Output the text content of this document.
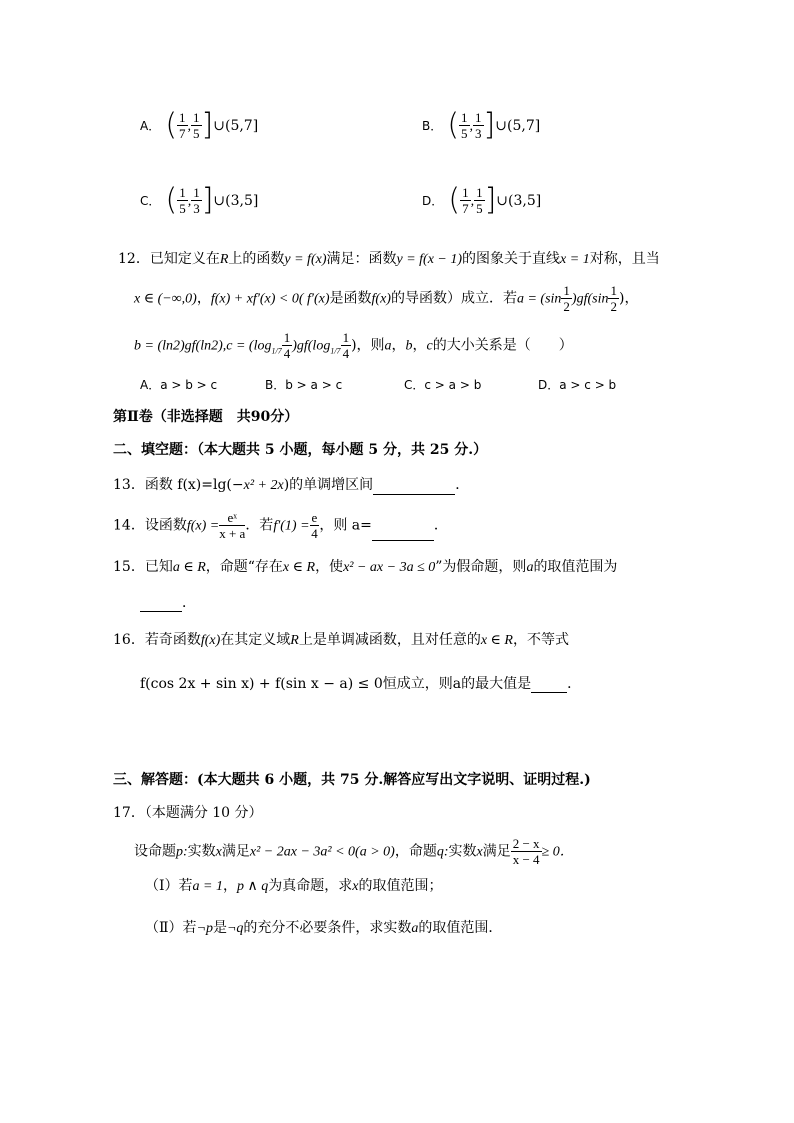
A． ( $\frac{1}{7}$ , $\frac{1}{5}$ ]∪(5,7]	B． ( $\frac{1}{5}$ , $\frac{1}{3}$ ]∪(5,7]
C． ( $\frac{1}{5}$ , $\frac{1}{3}$ ]∪(3,5]	D． ( $\frac{1}{7}$ , $\frac{1}{5}$ ]∪(3,5]
12．已知定义在R上的函数y = f(x)满足：函数y = f(x − 1)的图象关于直线x = 1对称，且当
x ∈ (−∞,0)，f(x) + xf′(x) < 0( f′(x)是函数f(x)的导函数）成立．若$a = (\sin \frac{1}{2} )gf(\sin \frac{1}{2}$ )，
$b = (\ln 2)gf(\ln 2),c = (\log_{1/7} \frac{1}{4} )gf(\log_{1/7} \frac{1}{4}$ )，则a，b，c的大小关系是（　　）
A．a > b > c	B．b > a > c	C．c > a > b	D．a > c > b
第Ⅱ卷（非选择题　共90分）
二、填空题：（本大题共 5 小题，每小题 5 分，共 25 分.）
13．函数 f(x)=lg(−x² + 2x)的单调增区间	．
14．设函数$f(x) = \frac{\text{eˣ}}{x + a}$ ．若$f'(1) = \frac{e}{4}$ ，则 a=	．
15．已知a ∈ R，命题“存在x ∈ R，使x² − ax − 3a ≤ 0”为假命题，则a的取值范围为
．
16．若奇函数f(x)在其定义域R上是单调减函数，且对任意的x ∈ R，不等式
f(cos 2x + sin x) + f(sin x − a) ≤ 0恒成立，则a的最大值是	．
三、解答题：(本大题共 6 小题，共 75 分.解答应写出文字说明、证明过程.)
17．（本题满分 10 分）
设命题p:实数x满足x² − 2ax − 3a² < 0(a > 0)，命题q:实数x满足 $\frac{2 - x}{x - 4} \ge 0$．
（Ⅰ）若a = 1，p ∧ q为真命题，求x的取值范围；
（Ⅱ）若¬p是¬q的充分不必要条件，求实数a的取值范围．
